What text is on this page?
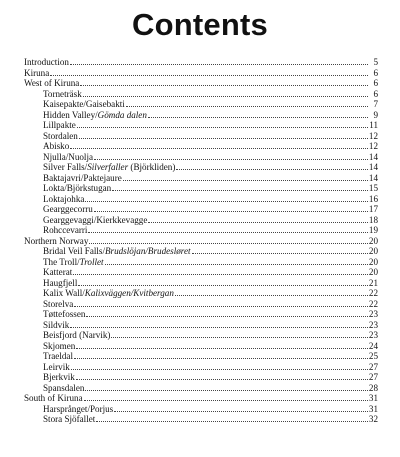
Contents
Introduction	5
Kiruna	6
West of Kiruna	6
Torneträsk	6
Kaisepakte/Gaisebakti	7
Hidden Valley/Gömda dalen	9
Lillpakte	11
Stordalen	12
Abisko	12
Njulla/Nuolja	14
Silver Falls/Silverfaller (Björkliden)	14
Baktajavri/Paktejaure	14
Lokta/Björkstugan	15
Loktajohka	16
Gearggecorru	17
Gearggevaggi/Kierkkevagge	18
Rohccevarri	19
Northern Norway	20
Bridal Veil Falls/Brudslöjan/Brudesløret	20
The Troll/Trollet	20
Katterat	20
Haugfjell	21
Kalix Wall/Kalixväggen/Kvitbergan	22
Storelva	22
Tøttefossen	23
Sildvik	23
Beisfjord (Narvik)	23
Skjomen	24
Traeldal	25
Leirvik	27
Bjerkvik	27
Spansdalen	28
South of Kiruna	31
Harsprånget/Porjus	31
Stora Sjöfallet	32
